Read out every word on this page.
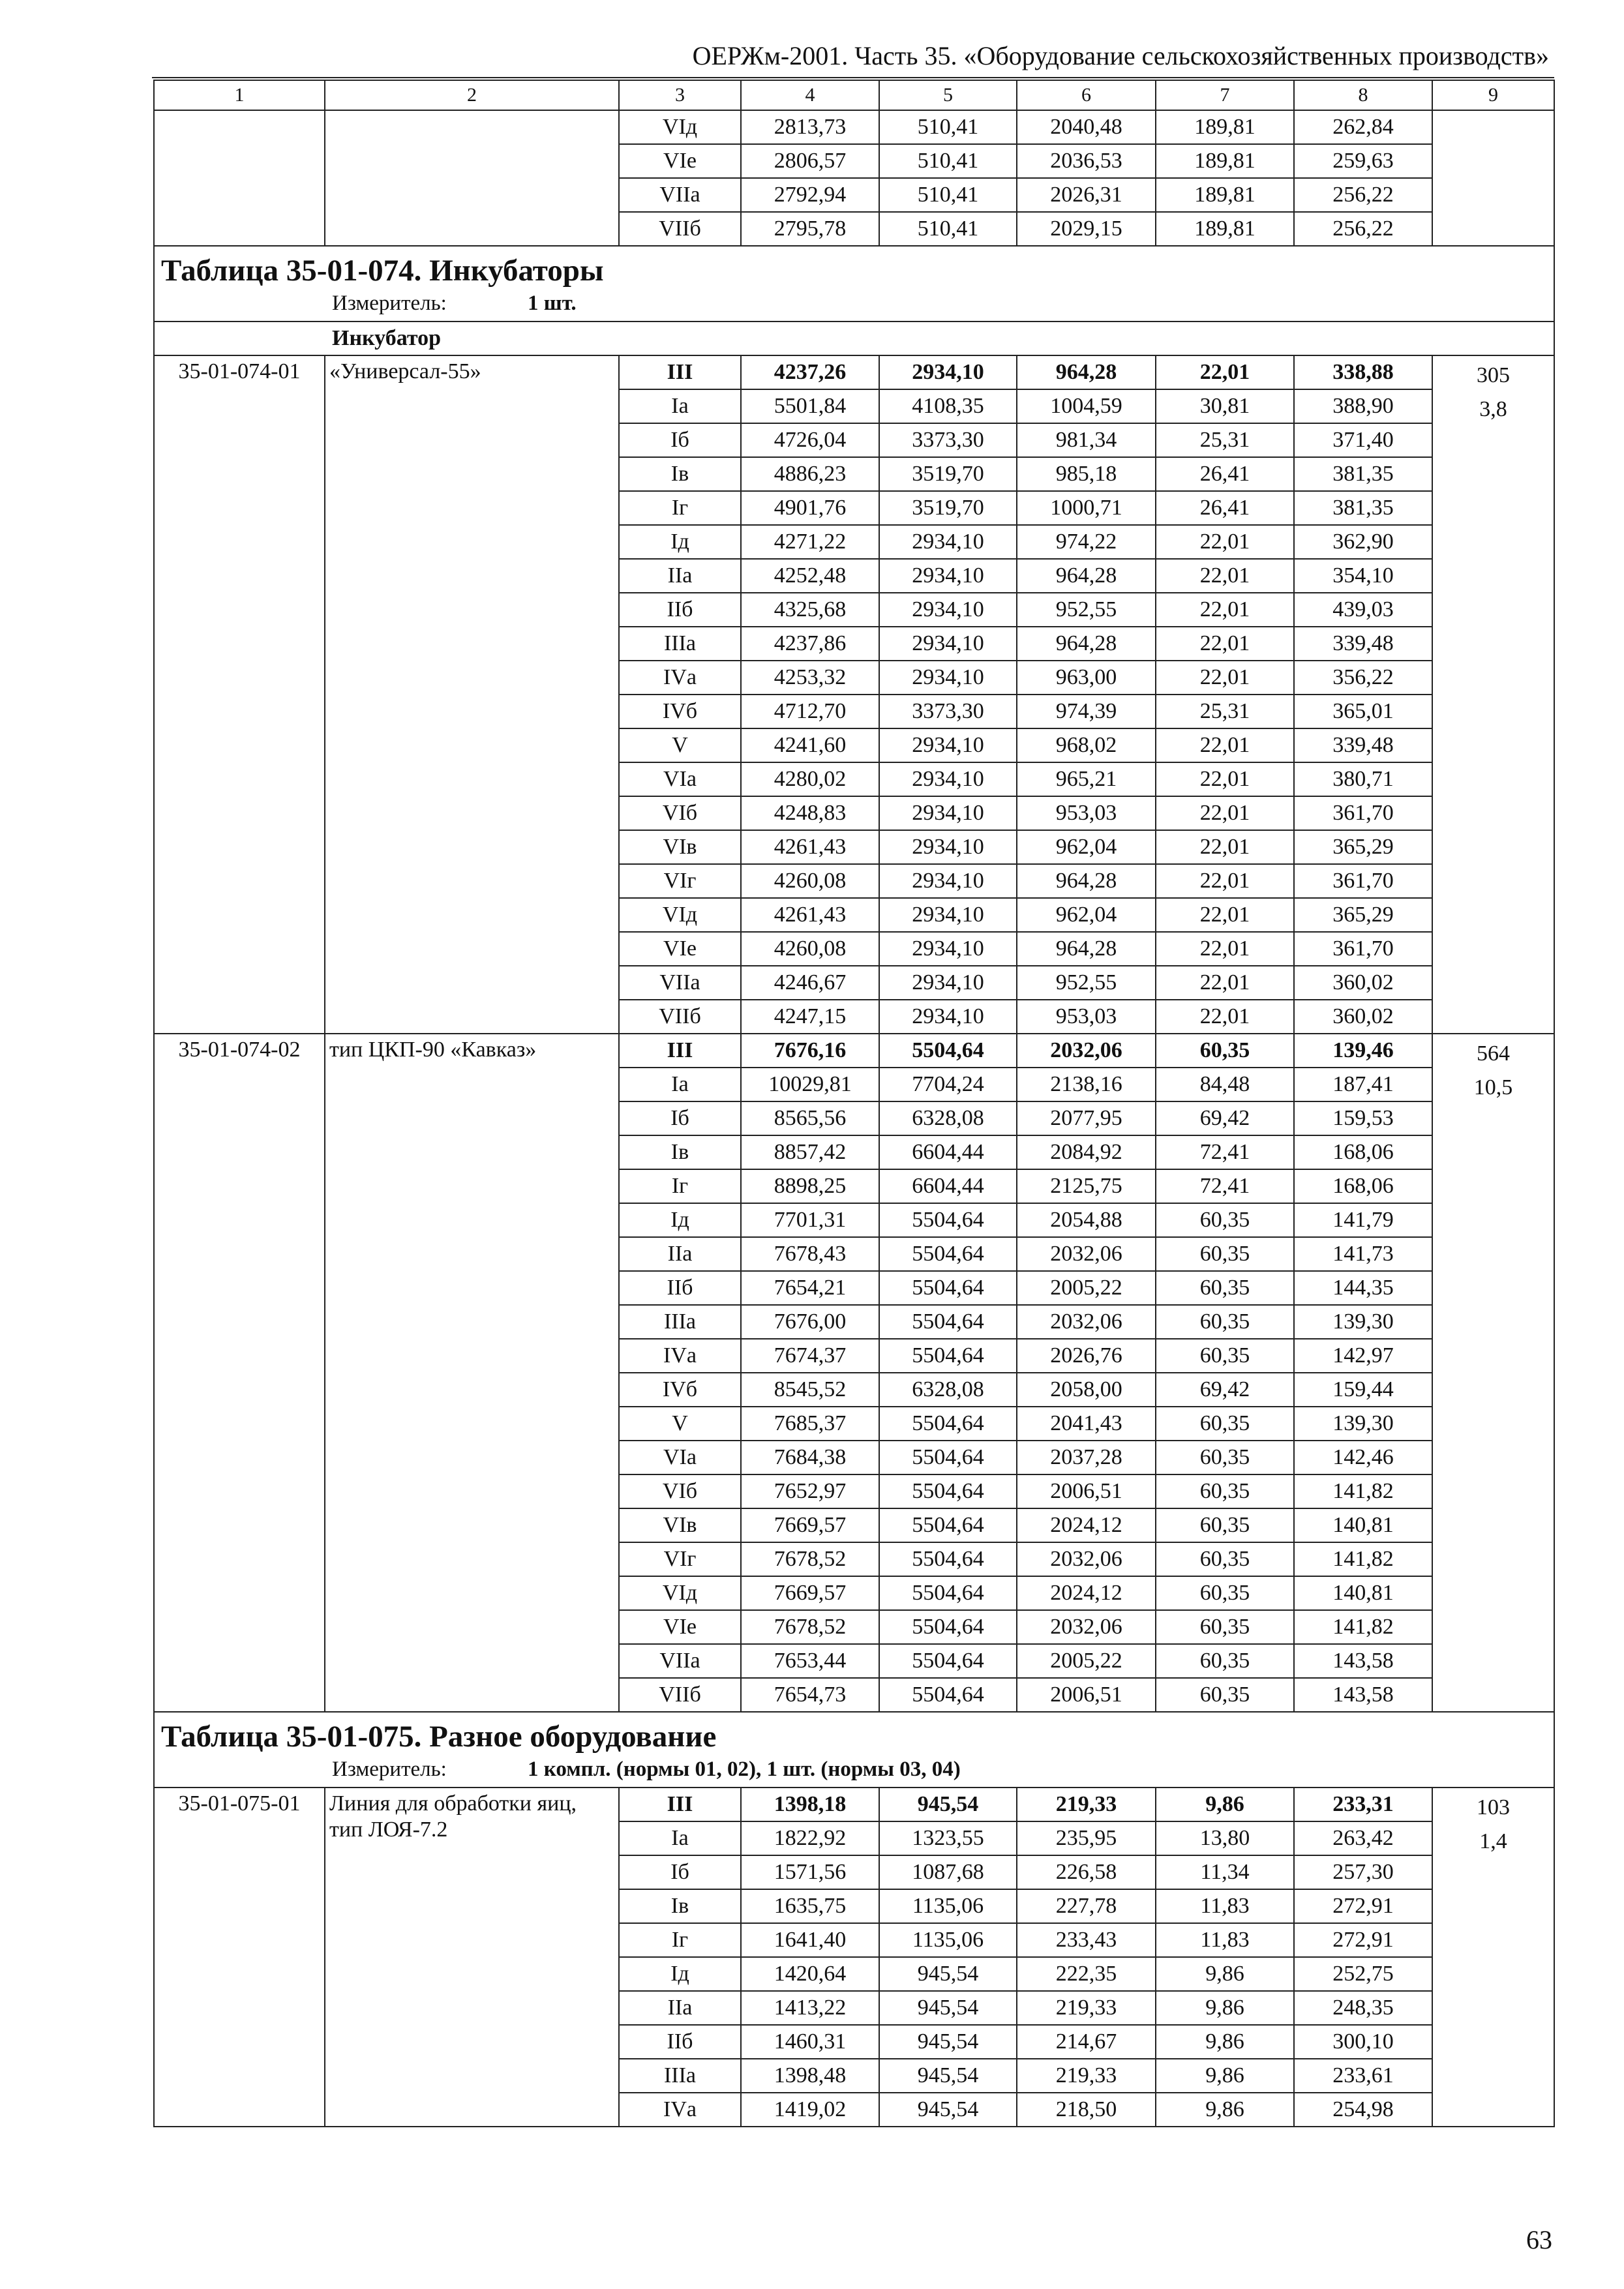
ОЕРЖм-2001. Часть 35. «Оборудование сельскохозяйственных производств»
1	2	3	4	5	6	7	8	9
		VIд	2813,73	510,41	2040,48	189,81	262,84	
		VIе	2806,57	510,41	2036,53	189,81	259,63	
		VIIа	2792,94	510,41	2026,31	189,81	256,22	
		VIIб	2795,78	510,41	2029,15	189,81	256,22	

Таблица 35-01-074. Инкубаторы
Измеритель: 1 шт.								

Инкубатор								
35-01-074-01	«Универсал-55»	III	4237,26	2934,10	964,28	22,01	338,88	305
3,8
		Iа	5501,84	4108,35	1004,59	30,81	388,90	
		Iб	4726,04	3373,30	981,34	25,31	371,40	
		Iв	4886,23	3519,70	985,18	26,41	381,35	
		Iг	4901,76	3519,70	1000,71	26,41	381,35	
		Iд	4271,22	2934,10	974,22	22,01	362,90	
		IIа	4252,48	2934,10	964,28	22,01	354,10	
		IIб	4325,68	2934,10	952,55	22,01	439,03	
		IIIа	4237,86	2934,10	964,28	22,01	339,48	
		IVа	4253,32	2934,10	963,00	22,01	356,22	
		IVб	4712,70	3373,30	974,39	25,31	365,01	
		V	4241,60	2934,10	968,02	22,01	339,48	
		VIа	4280,02	2934,10	965,21	22,01	380,71	
		VIб	4248,83	2934,10	953,03	22,01	361,70	
		VIв	4261,43	2934,10	962,04	22,01	365,29	
		VIг	4260,08	2934,10	964,28	22,01	361,70	
		VIд	4261,43	2934,10	962,04	22,01	365,29	
		VIе	4260,08	2934,10	964,28	22,01	361,70	
		VIIа	4246,67	2934,10	952,55	22,01	360,02	
		VIIб	4247,15	2934,10	953,03	22,01	360,02	
35-01-074-02	тип ЦКП-90 «Кавказ»	III	7676,16	5504,64	2032,06	60,35	139,46	564
10,5
		Iа	10029,81	7704,24	2138,16	84,48	187,41	
		Iб	8565,56	6328,08	2077,95	69,42	159,53	
		Iв	8857,42	6604,44	2084,92	72,41	168,06	
		Iг	8898,25	6604,44	2125,75	72,41	168,06	
		Iд	7701,31	5504,64	2054,88	60,35	141,79	
		IIа	7678,43	5504,64	2032,06	60,35	141,73	
		IIб	7654,21	5504,64	2005,22	60,35	144,35	
		IIIа	7676,00	5504,64	2032,06	60,35	139,30	
		IVа	7674,37	5504,64	2026,76	60,35	142,97	
		IVб	8545,52	6328,08	2058,00	69,42	159,44	
		V	7685,37	5504,64	2041,43	60,35	139,30	
		VIа	7684,38	5504,64	2037,28	60,35	142,46	
		VIб	7652,97	5504,64	2006,51	60,35	141,82	
		VIв	7669,57	5504,64	2024,12	60,35	140,81	
		VIг	7678,52	5504,64	2032,06	60,35	141,82	
		VIд	7669,57	5504,64	2024,12	60,35	140,81	
		VIе	7678,52	5504,64	2032,06	60,35	141,82	
		VIIа	7653,44	5504,64	2005,22	60,35	143,58	
		VIIб	7654,73	5504,64	2006,51	60,35	143,58	

Таблица 35-01-075. Разное оборудование
Измеритель: 1 компл. (нормы 01, 02), 1 шт. (нормы 03, 04)								

35-01-075-01	Линия для обработки яиц, тип ЛОЯ-7.2	III	1398,18	945,54	219,33	9,86	233,31	103
1,4
		Iа	1822,92	1323,55	235,95	13,80	263,42	
		Iб	1571,56	1087,68	226,58	11,34	257,30	
		Iв	1635,75	1135,06	227,78	11,83	272,91	
		Iг	1641,40	1135,06	233,43	11,83	272,91	
		Iд	1420,64	945,54	222,35	9,86	252,75	
		IIа	1413,22	945,54	219,33	9,86	248,35	
		IIб	1460,31	945,54	214,67	9,86	300,10	
		IIIа	1398,48	945,54	219,33	9,86	233,61	
		IVа	1419,02	945,54	218,50	9,86	254,98	
63
